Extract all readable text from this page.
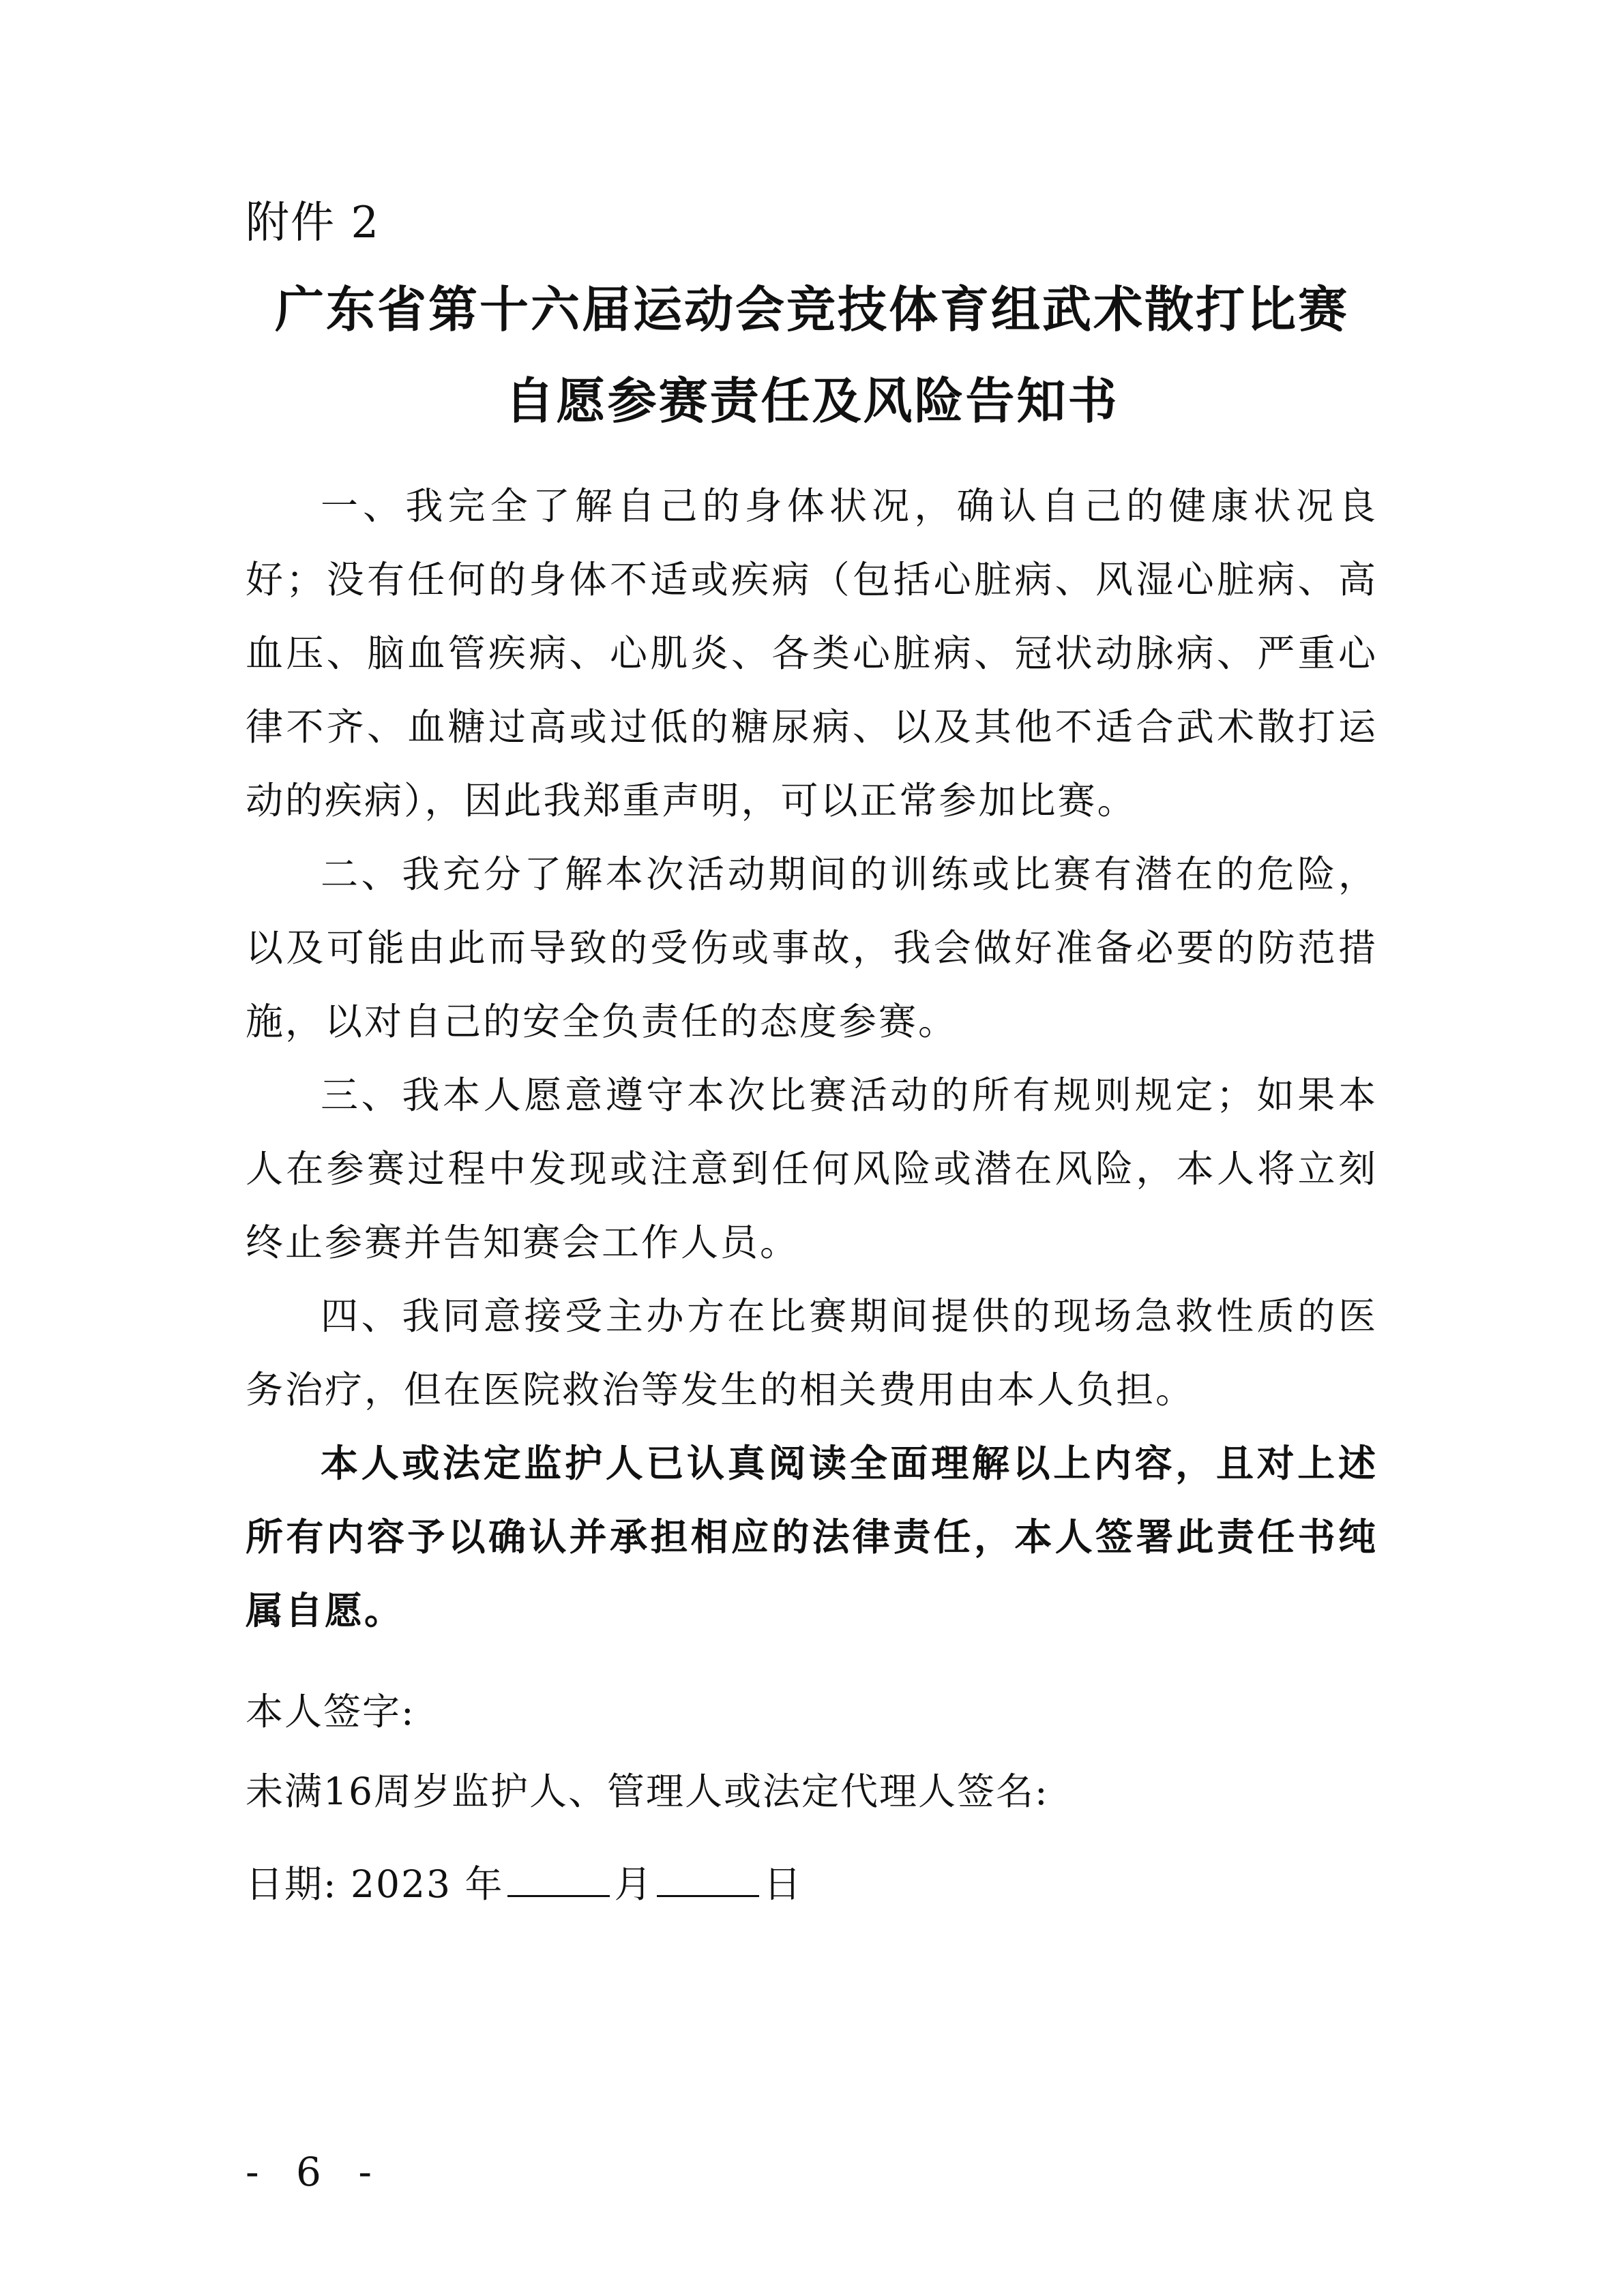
附件 2
广东省第十六届运动会竞技体育组武术散打比赛
自愿参赛责任及风险告知书

一、我完全了解自己的身体状况，确认自己的健康状况良好；没有任何的身体不适或疾病（包括心脏病、风湿心脏病、高血压、脑血管疾病、心肌炎、各类心脏病、冠状动脉病、严重心律不齐、血糖过高或过低的糖尿病、以及其他不适合武术散打运动的疾病），因此我郑重声明，可以正常参加比赛。

二、我充分了解本次活动期间的训练或比赛有潜在的危险，以及可能由此而导致的受伤或事故，我会做好准备必要的防范措施，以对自己的安全负责任的态度参赛。

三、我本人愿意遵守本次比赛活动的所有规则规定；如果本人在参赛过程中发现或注意到任何风险或潜在风险，本人将立刻终止参赛并告知赛会工作人员。

四、我同意接受主办方在比赛期间提供的现场急救性质的医务治疗，但在医院救治等发生的相关费用由本人负担。

本人或法定监护人已认真阅读全面理解以上内容，且对上述所有内容予以确认并承担相应的法律责任，本人签署此责任书纯属自愿。

本人签字:
未满16周岁监护人、管理人或法定代理人签名:
日期: 2023 年	月	日
- 6 -
